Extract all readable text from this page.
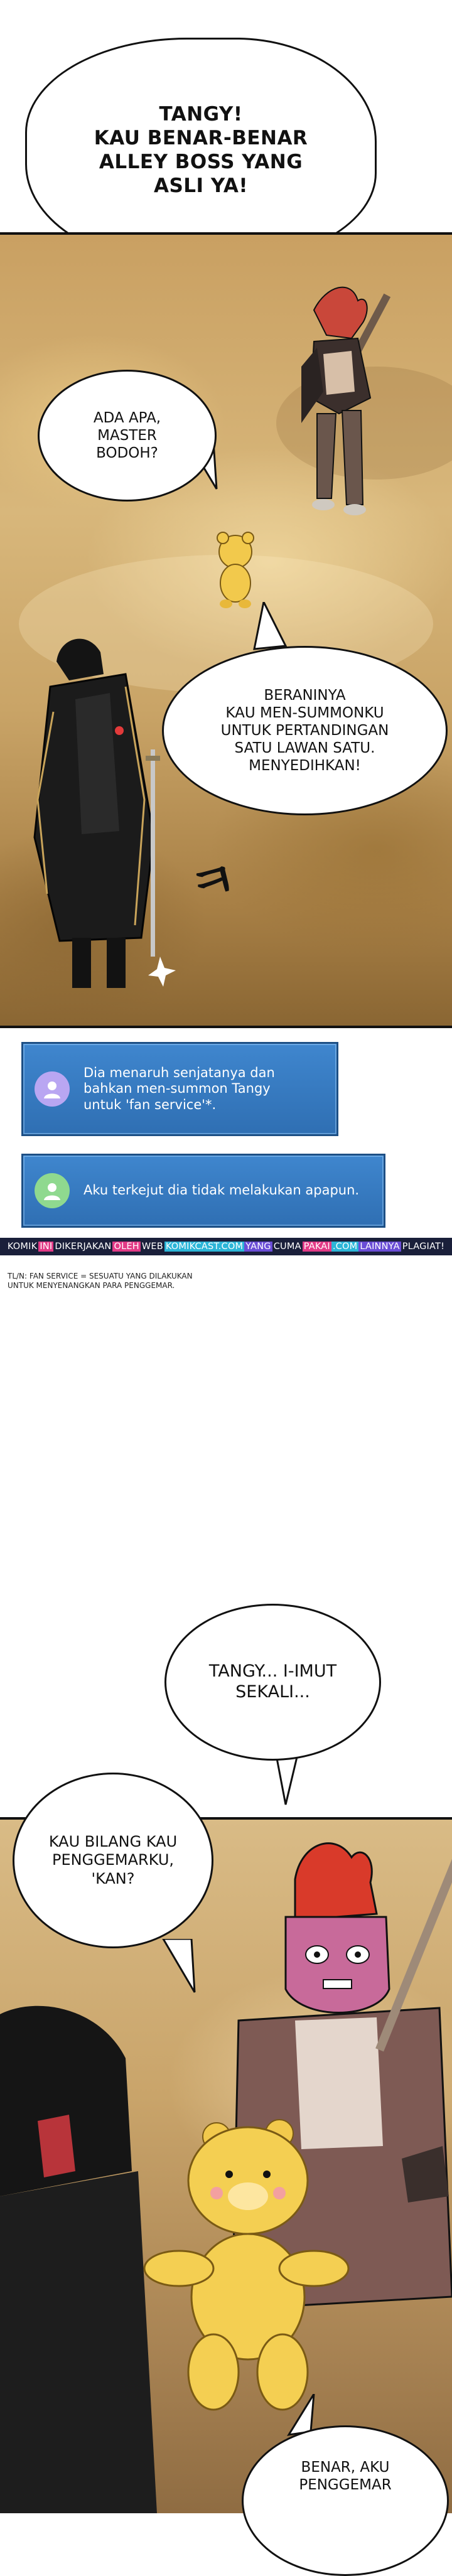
TANGY!
KAU BENAR-BENAR
ALLEY BOSS YANG
ASLI YA!
ㅋ
ADA APA,
MASTER
BODOH?
BERANINYA
KAU MEN-SUMMONKU
UNTUK PERTANDINGAN
SATU LAWAN SATU.
MENYEDIHKAN!
Dia menaruh senjatanya dan
bahkan men-summon Tangy
untuk 'fan service'*.
Aku terkejut dia tidak melakukan apapun.
KOMIK INI DIKERJAKAN OLEH WEB KOMIKCAST.COM YANG CUMA PAKAI .COM LAINNYA PLAGIAT!
TL/N: FAN SERVICE = SESUATU YANG DILAKUKAN
UNTUK MENYENANGKAN PARA PENGGEMAR.
TANGY... I-IMUT
SEKALI...
KAU BILANG KAU
PENGGEMARKU,
'KAN?
BENAR, AKU
PENGGEMAR
